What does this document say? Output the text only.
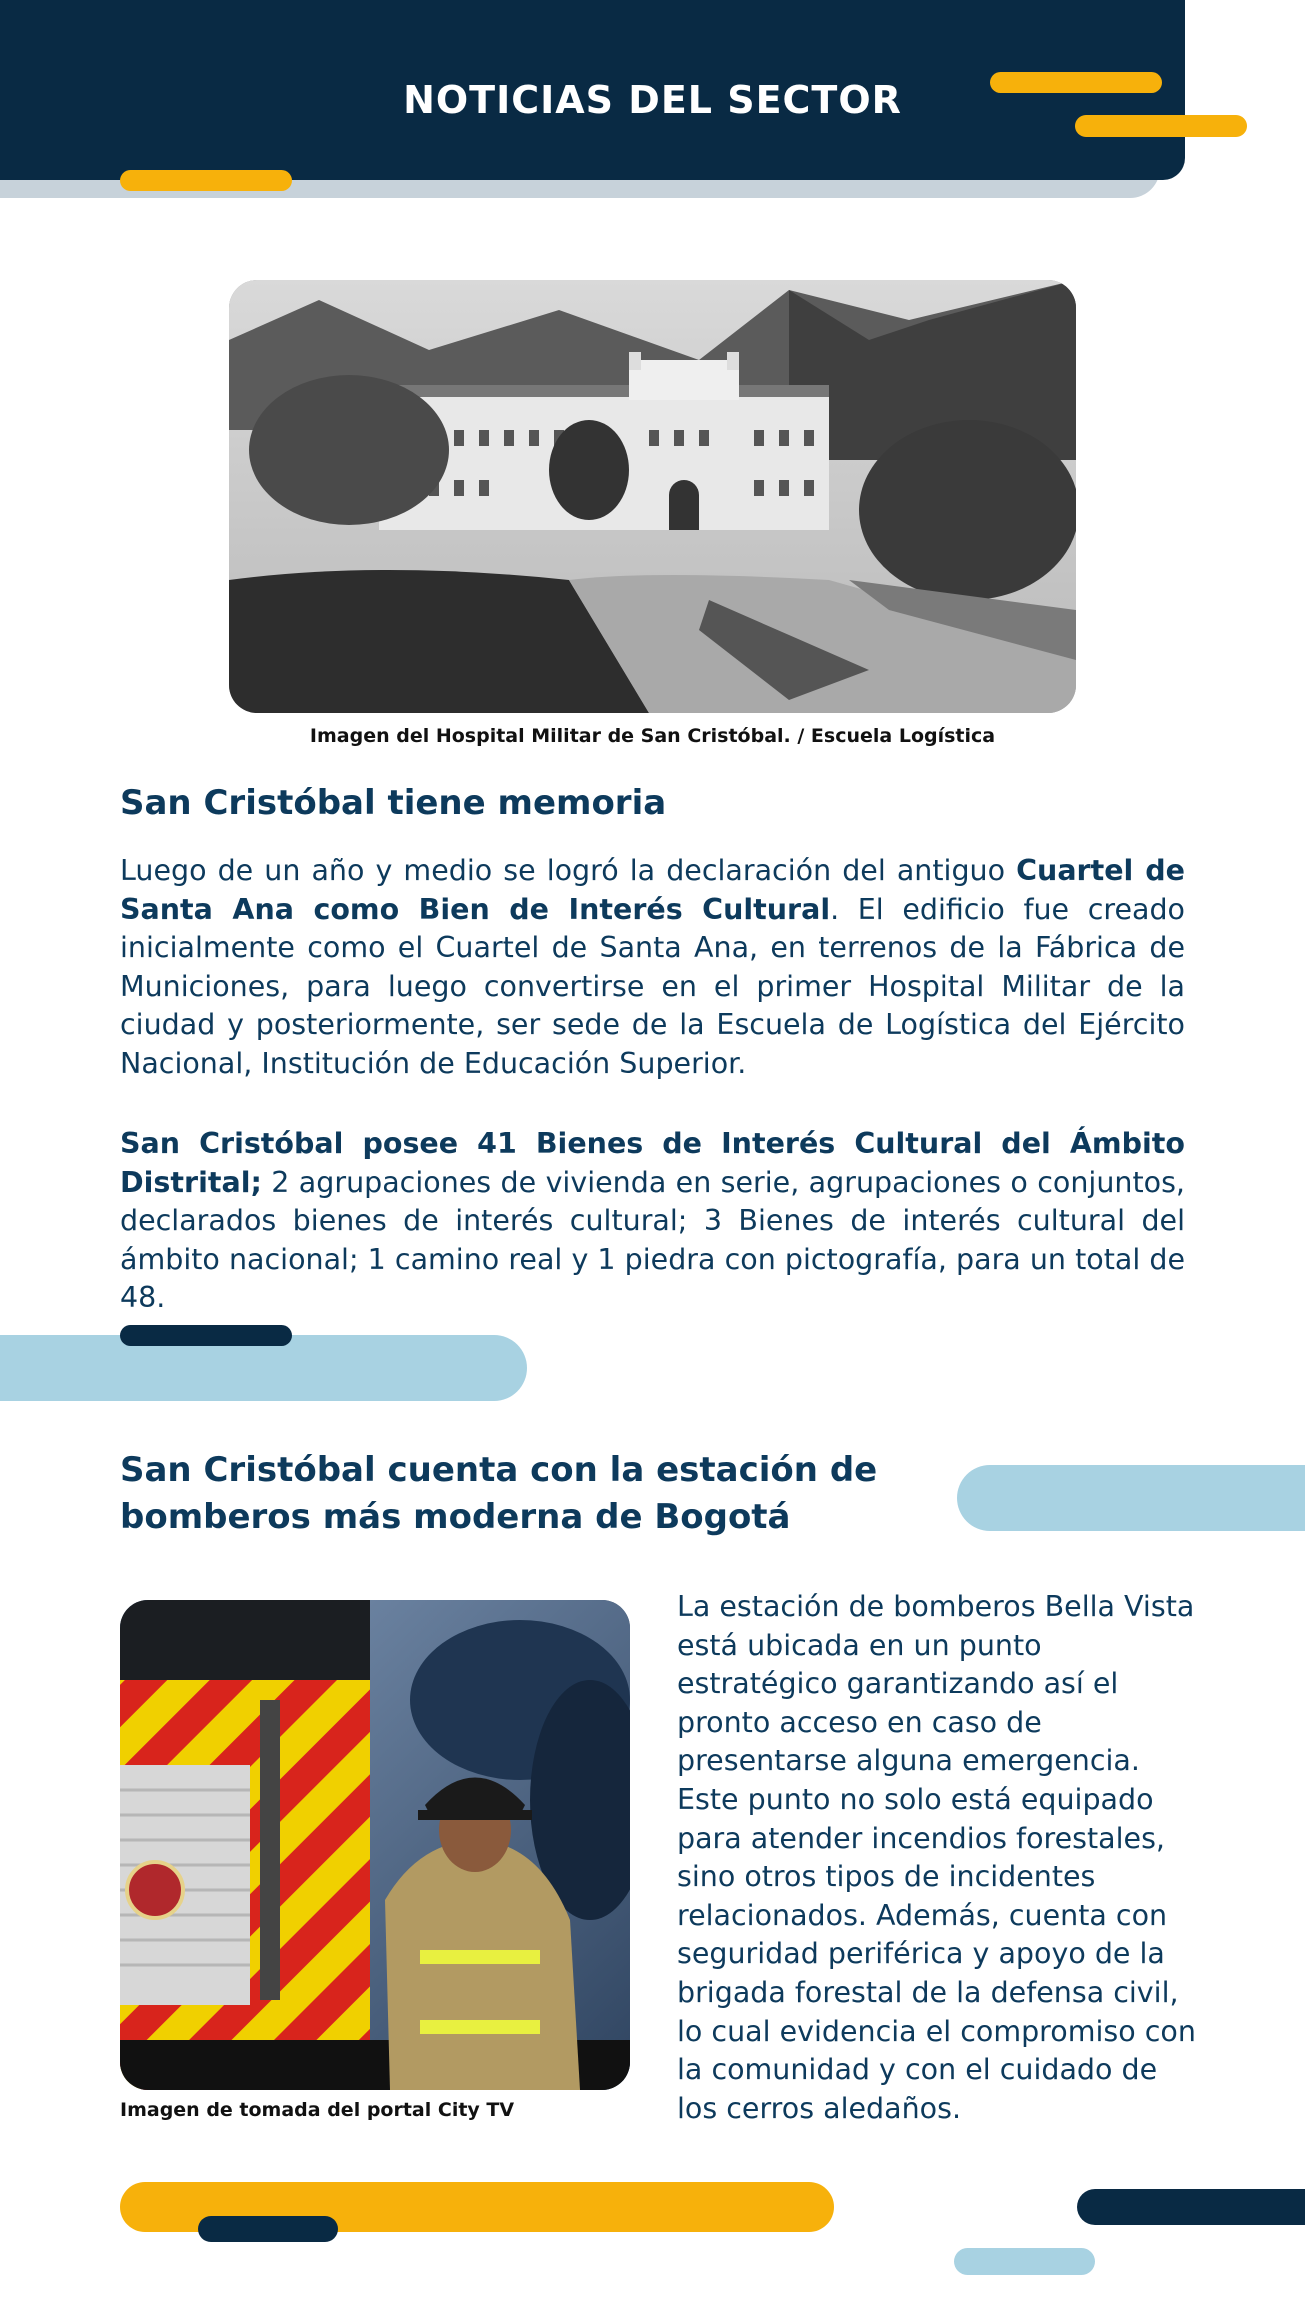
NOTICIAS DEL SECTOR
Imagen del Hospital Militar de San Cristóbal. / Escuela Logística
San Cristóbal tiene memoria

Luego de un año y medio se logró la declaración del antiguo Cuartel de Santa Ana como Bien de Interés Cultural. El edificio fue creado inicialmente como el Cuartel de Santa Ana, en terrenos de la Fábrica de Municiones, para luego convertirse en el primer Hospital Militar de la ciudad y posteriormente, ser sede de la Escuela de Logística del Ejército Nacional, Institución de Educación Superior.

San Cristóbal posee 41 Bienes de Interés Cultural del Ámbito Distrital; 2 agrupaciones de vivienda en serie, agrupaciones o conjuntos, declarados bienes de interés cultural; 3 Bienes de interés cultural del ámbito nacional; 1 camino real y 1 piedra con pictografía, para un total de 48.

San Cristóbal cuenta con la estación de bomberos más moderna de Bogotá
Imagen de tomada del portal City TV

La estación de bomberos Bella Vista está ubicada en un punto estratégico garantizando así el pronto acceso en caso de presentarse alguna emergencia. Este punto no solo está equipado para atender incendios forestales, sino otros tipos de incidentes relacionados. Además, cuenta con seguridad periférica y apoyo de la brigada forestal de la defensa civil, lo cual evidencia el compromiso con la comunidad y con el cuidado de los cerros aledaños.
